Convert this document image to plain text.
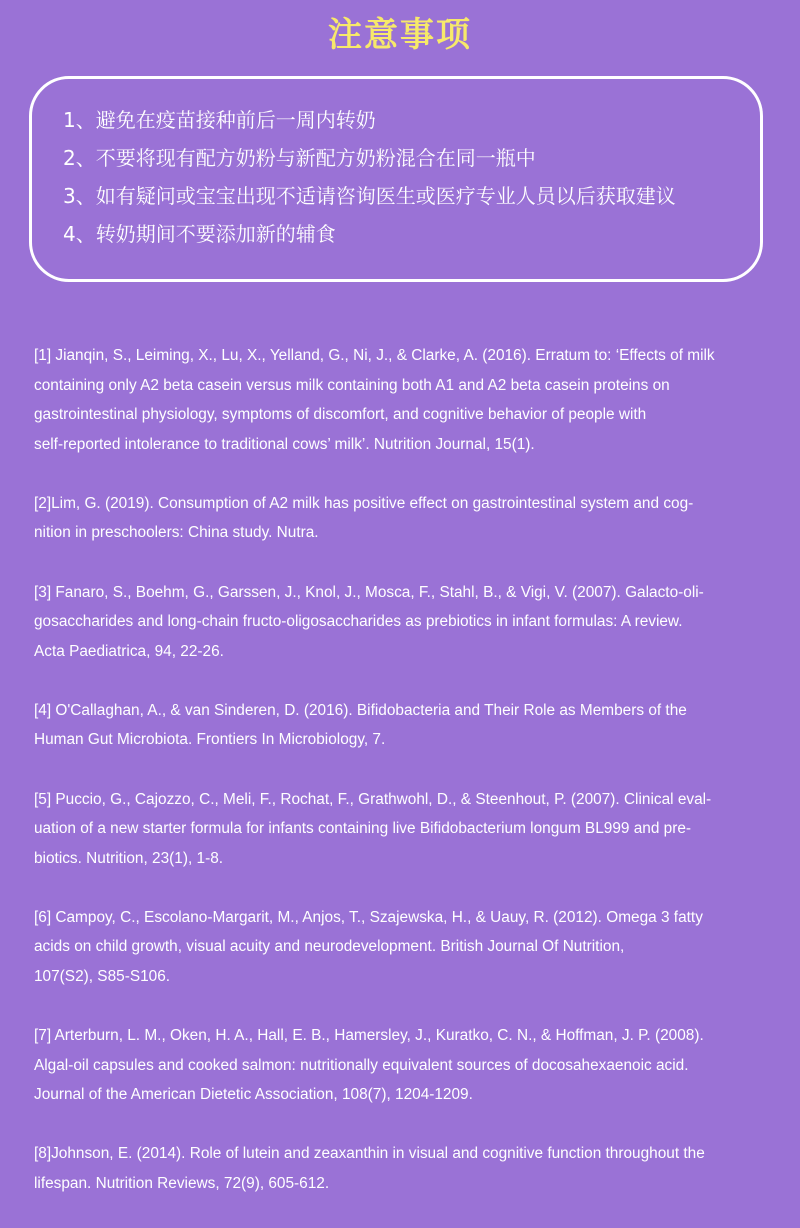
注意事项
1、避免在疫苗接种前后一周内转奶
2、不要将现有配方奶粉与新配方奶粉混合在同一瓶中
3、如有疑问或宝宝出现不适请咨询医生或医疗专业人员以后获取建议
4、转奶期间不要添加新的辅食

[1] Jianqin, S., Leiming, X., Lu, X., Yelland, G., Ni, J., & Clarke, A. (2016). Erratum to: ‘Effects of milk
containing only A2 beta casein versus milk containing both A1 and A2 beta casein proteins on
gastrointestinal physiology, symptoms of discomfort, and cognitive behavior of people with
self-reported intolerance to traditional cows’ milk’. Nutrition Journal, 15(1).

[2]Lim, G. (2019). Consumption of A2 milk has positive effect on gastrointestinal system and cog-
nition in preschoolers: China study. Nutra.

[3] Fanaro, S., Boehm, G., Garssen, J., Knol, J., Mosca, F., Stahl, B., & Vigi, V. (2007). Galacto-oli-
gosaccharides and long-chain fructo-oligosaccharides as prebiotics in infant formulas: A review.
Acta Paediatrica, 94, 22-26.

[4] O'Callaghan, A., & van Sinderen, D. (2016). Bifidobacteria and Their Role as Members of the
Human Gut Microbiota. Frontiers In Microbiology, 7.

[5] Puccio, G., Cajozzo, C., Meli, F., Rochat, F., Grathwohl, D., & Steenhout, P. (2007). Clinical eval-
uation of a new starter formula for infants containing live Bifidobacterium longum BL999 and pre-
biotics. Nutrition, 23(1), 1-8.

[6] Campoy, C., Escolano-Margarit, M., Anjos, T., Szajewska, H., & Uauy, R. (2012). Omega 3 fatty
acids on child growth, visual acuity and neurodevelopment. British Journal Of Nutrition,
107(S2), S85-S106.

[7] Arterburn, L. M., Oken, H. A., Hall, E. B., Hamersley, J., Kuratko, C. N., & Hoffman, J. P. (2008).
Algal-oil capsules and cooked salmon: nutritionally equivalent sources of docosahexaenoic acid.
Journal of the American Dietetic Association, 108(7), 1204-1209.

[8]Johnson, E. (2014). Role of lutein and zeaxanthin in visual and cognitive function throughout the
lifespan. Nutrition Reviews, 72(9), 605-612.
